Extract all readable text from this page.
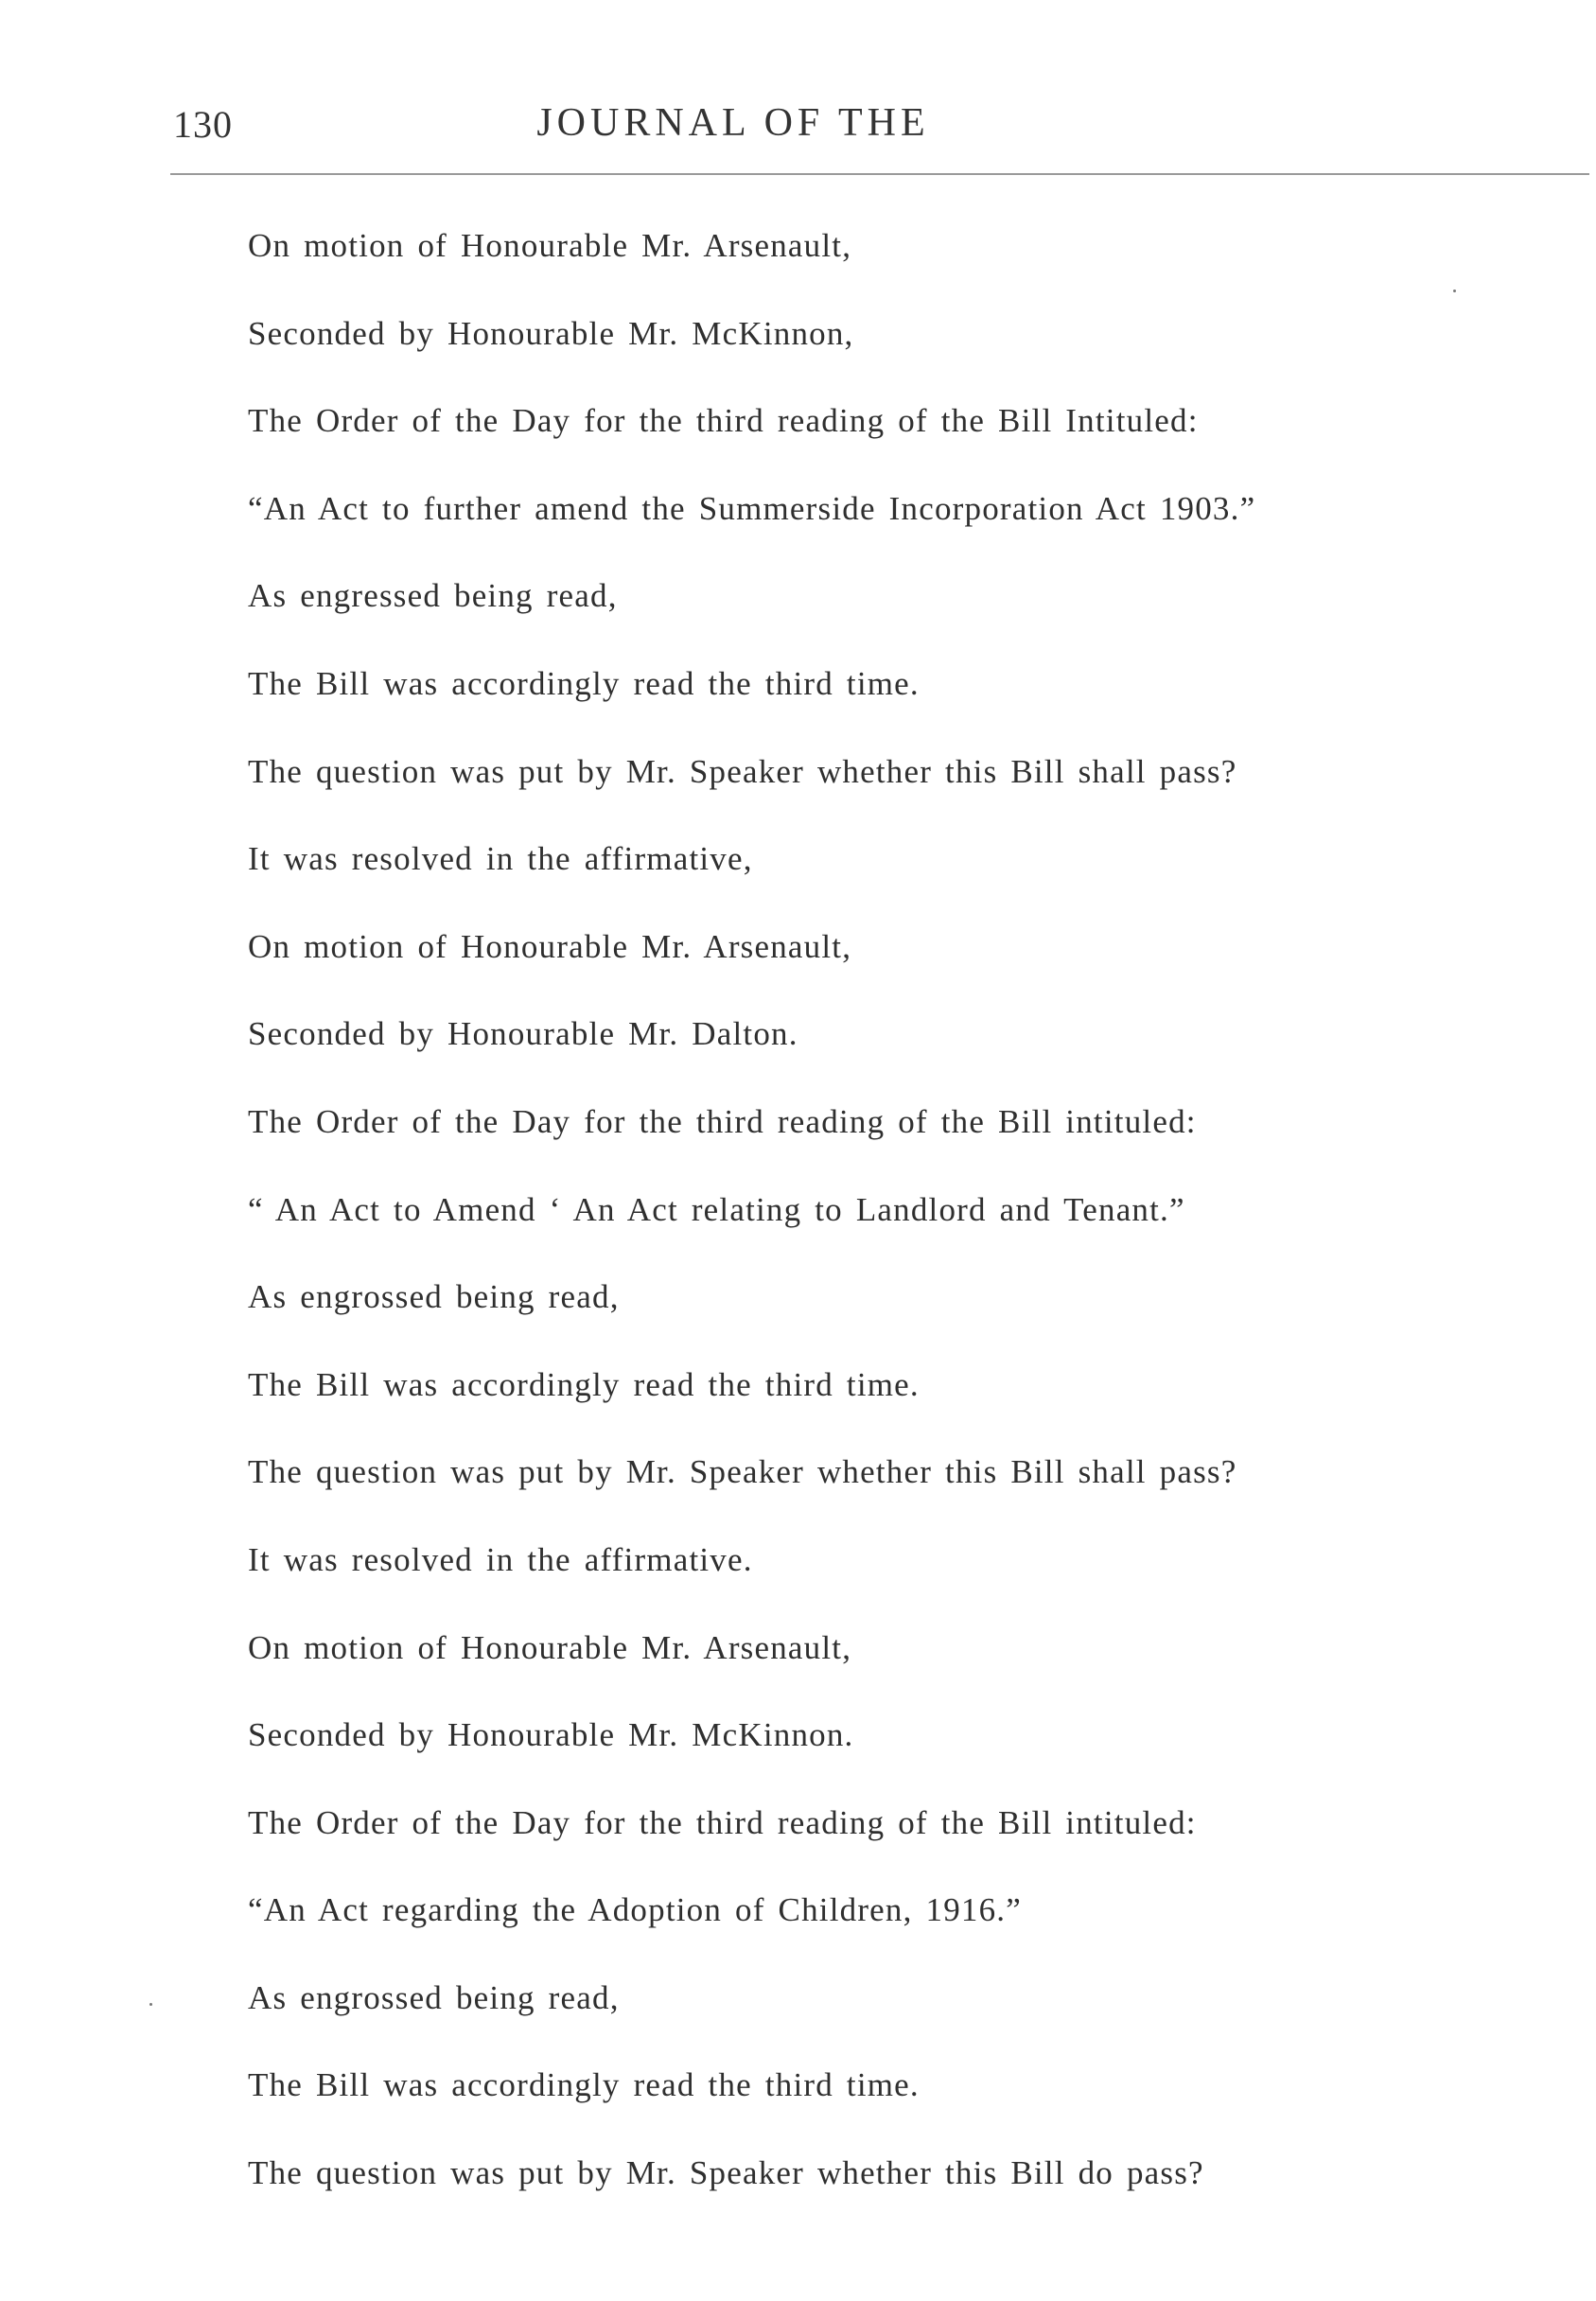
130	JOURNAL OF THE
On motion of Honourable Mr. Arsenault,
Seconded by Honourable Mr. McKinnon,
The Order of the Day for the third reading of the Bill Intituled:
“An Act to further amend the Summerside Incorporation Act 1903.”
As engressed being read,
The Bill was accordingly read the third time.
The question was put by Mr. Speaker whether this Bill shall pass?
It was resolved in the affirmative,
On motion of Honourable Mr. Arsenault,
Seconded by Honourable Mr. Dalton.
The Order of the Day for the third reading of the Bill intituled:
“ An Act to Amend ‘ An Act relating to Landlord and Tenant.”
As engrossed being read,
The Bill was accordingly read the third time.
The question was put by Mr. Speaker whether this Bill shall pass?
It was resolved in the affirmative.
On motion of Honourable Mr. Arsenault,
Seconded by Honourable Mr. McKinnon.
The Order of the Day for the third reading of the Bill intituled:
“An Act regarding the Adoption of Children, 1916.”
As engrossed being read,
The Bill was accordingly read the third time.
The question was put by Mr. Speaker whether this Bill do pass?
